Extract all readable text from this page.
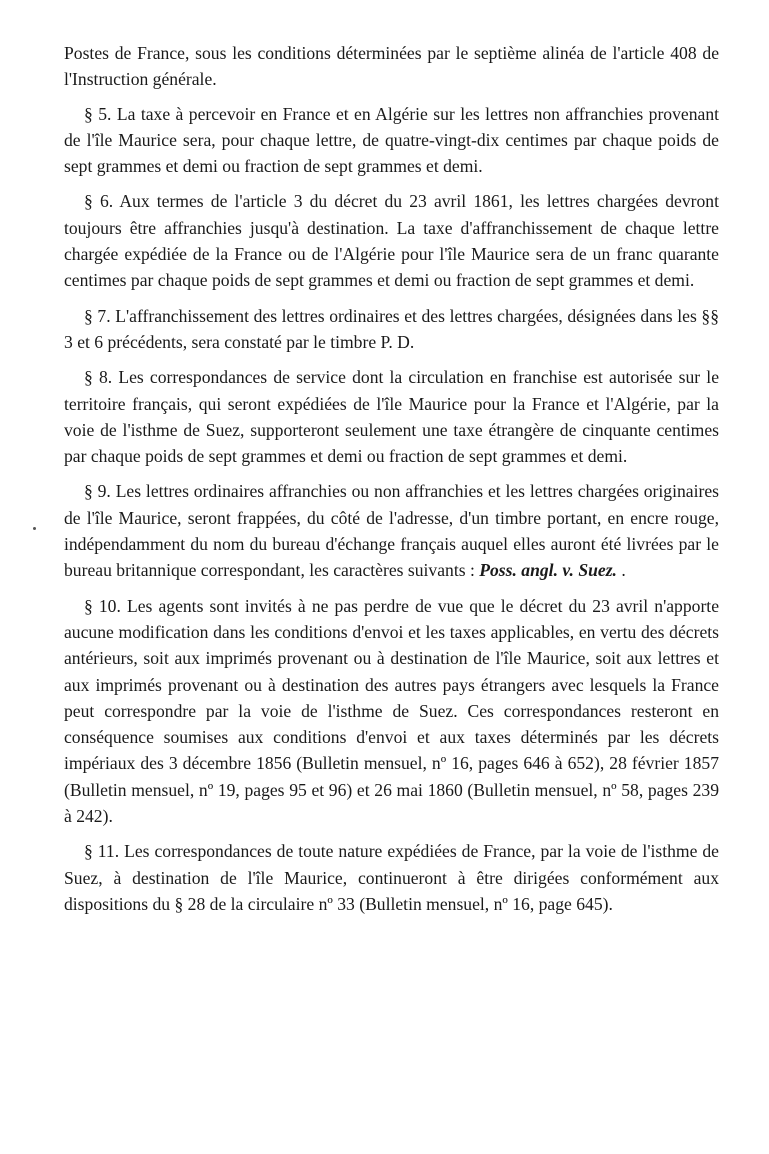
Postes de France, sous les conditions déterminées par le septième alinéa de l'article 408 de l'Instruction générale.

§ 5. La taxe à percevoir en France et en Algérie sur les lettres non affranchies provenant de l'île Maurice sera, pour chaque lettre, de quatre-vingt-dix centimes par chaque poids de sept grammes et demi ou fraction de sept grammes et demi.

§ 6. Aux termes de l'article 3 du décret du 23 avril 1861, les lettres chargées devront toujours être affranchies jusqu'à destination. La taxe d'affranchissement de chaque lettre chargée expédiée de la France ou de l'Algérie pour l'île Maurice sera de un franc quarante centimes par chaque poids de sept grammes et demi ou fraction de sept grammes et demi.

§ 7. L'affranchissement des lettres ordinaires et des lettres chargées, désignées dans les §§ 3 et 6 précédents, sera constaté par le timbre P. D.

§ 8. Les correspondances de service dont la circulation en franchise est autorisée sur le territoire français, qui seront expédiées de l'île Maurice pour la France et l'Algérie, par la voie de l'isthme de Suez, supporteront seulement une taxe étrangère de cinquante centimes par chaque poids de sept grammes et demi ou fraction de sept grammes et demi.

§ 9. Les lettres ordinaires affranchies ou non affranchies et les lettres chargées originaires de l'île Maurice, seront frappées, du côté de l'adresse, d'un timbre portant, en encre rouge, indépendamment du nom du bureau d'échange français auquel elles auront été livrées par le bureau britannique correspondant, les caractères suivants : Poss. angl. v. Suez. .

§ 10. Les agents sont invités à ne pas perdre de vue que le décret du 23 avril n'apporte aucune modification dans les conditions d'envoi et les taxes applicables, en vertu des décrets antérieurs, soit aux imprimés provenant ou à destination de l'île Maurice, soit aux lettres et aux imprimés provenant ou à destination des autres pays étrangers avec lesquels la France peut correspondre par la voie de l'isthme de Suez. Ces correspondances resteront en conséquence soumises aux conditions d'envoi et aux taxes déterminés par les décrets impériaux des 3 décembre 1856 (Bulletin mensuel, nº 16, pages 646 à 652), 28 février 1857 (Bulletin mensuel, nº 19, pages 95 et 96) et 26 mai 1860 (Bulletin mensuel, nº 58, pages 239 à 242).

§ 11. Les correspondances de toute nature expédiées de France, par la voie de l'isthme de Suez, à destination de l'île Maurice, continueront à être dirigées conformément aux dispositions du § 28 de la circulaire nº 33 (Bulletin mensuel, nº 16, page 645).
